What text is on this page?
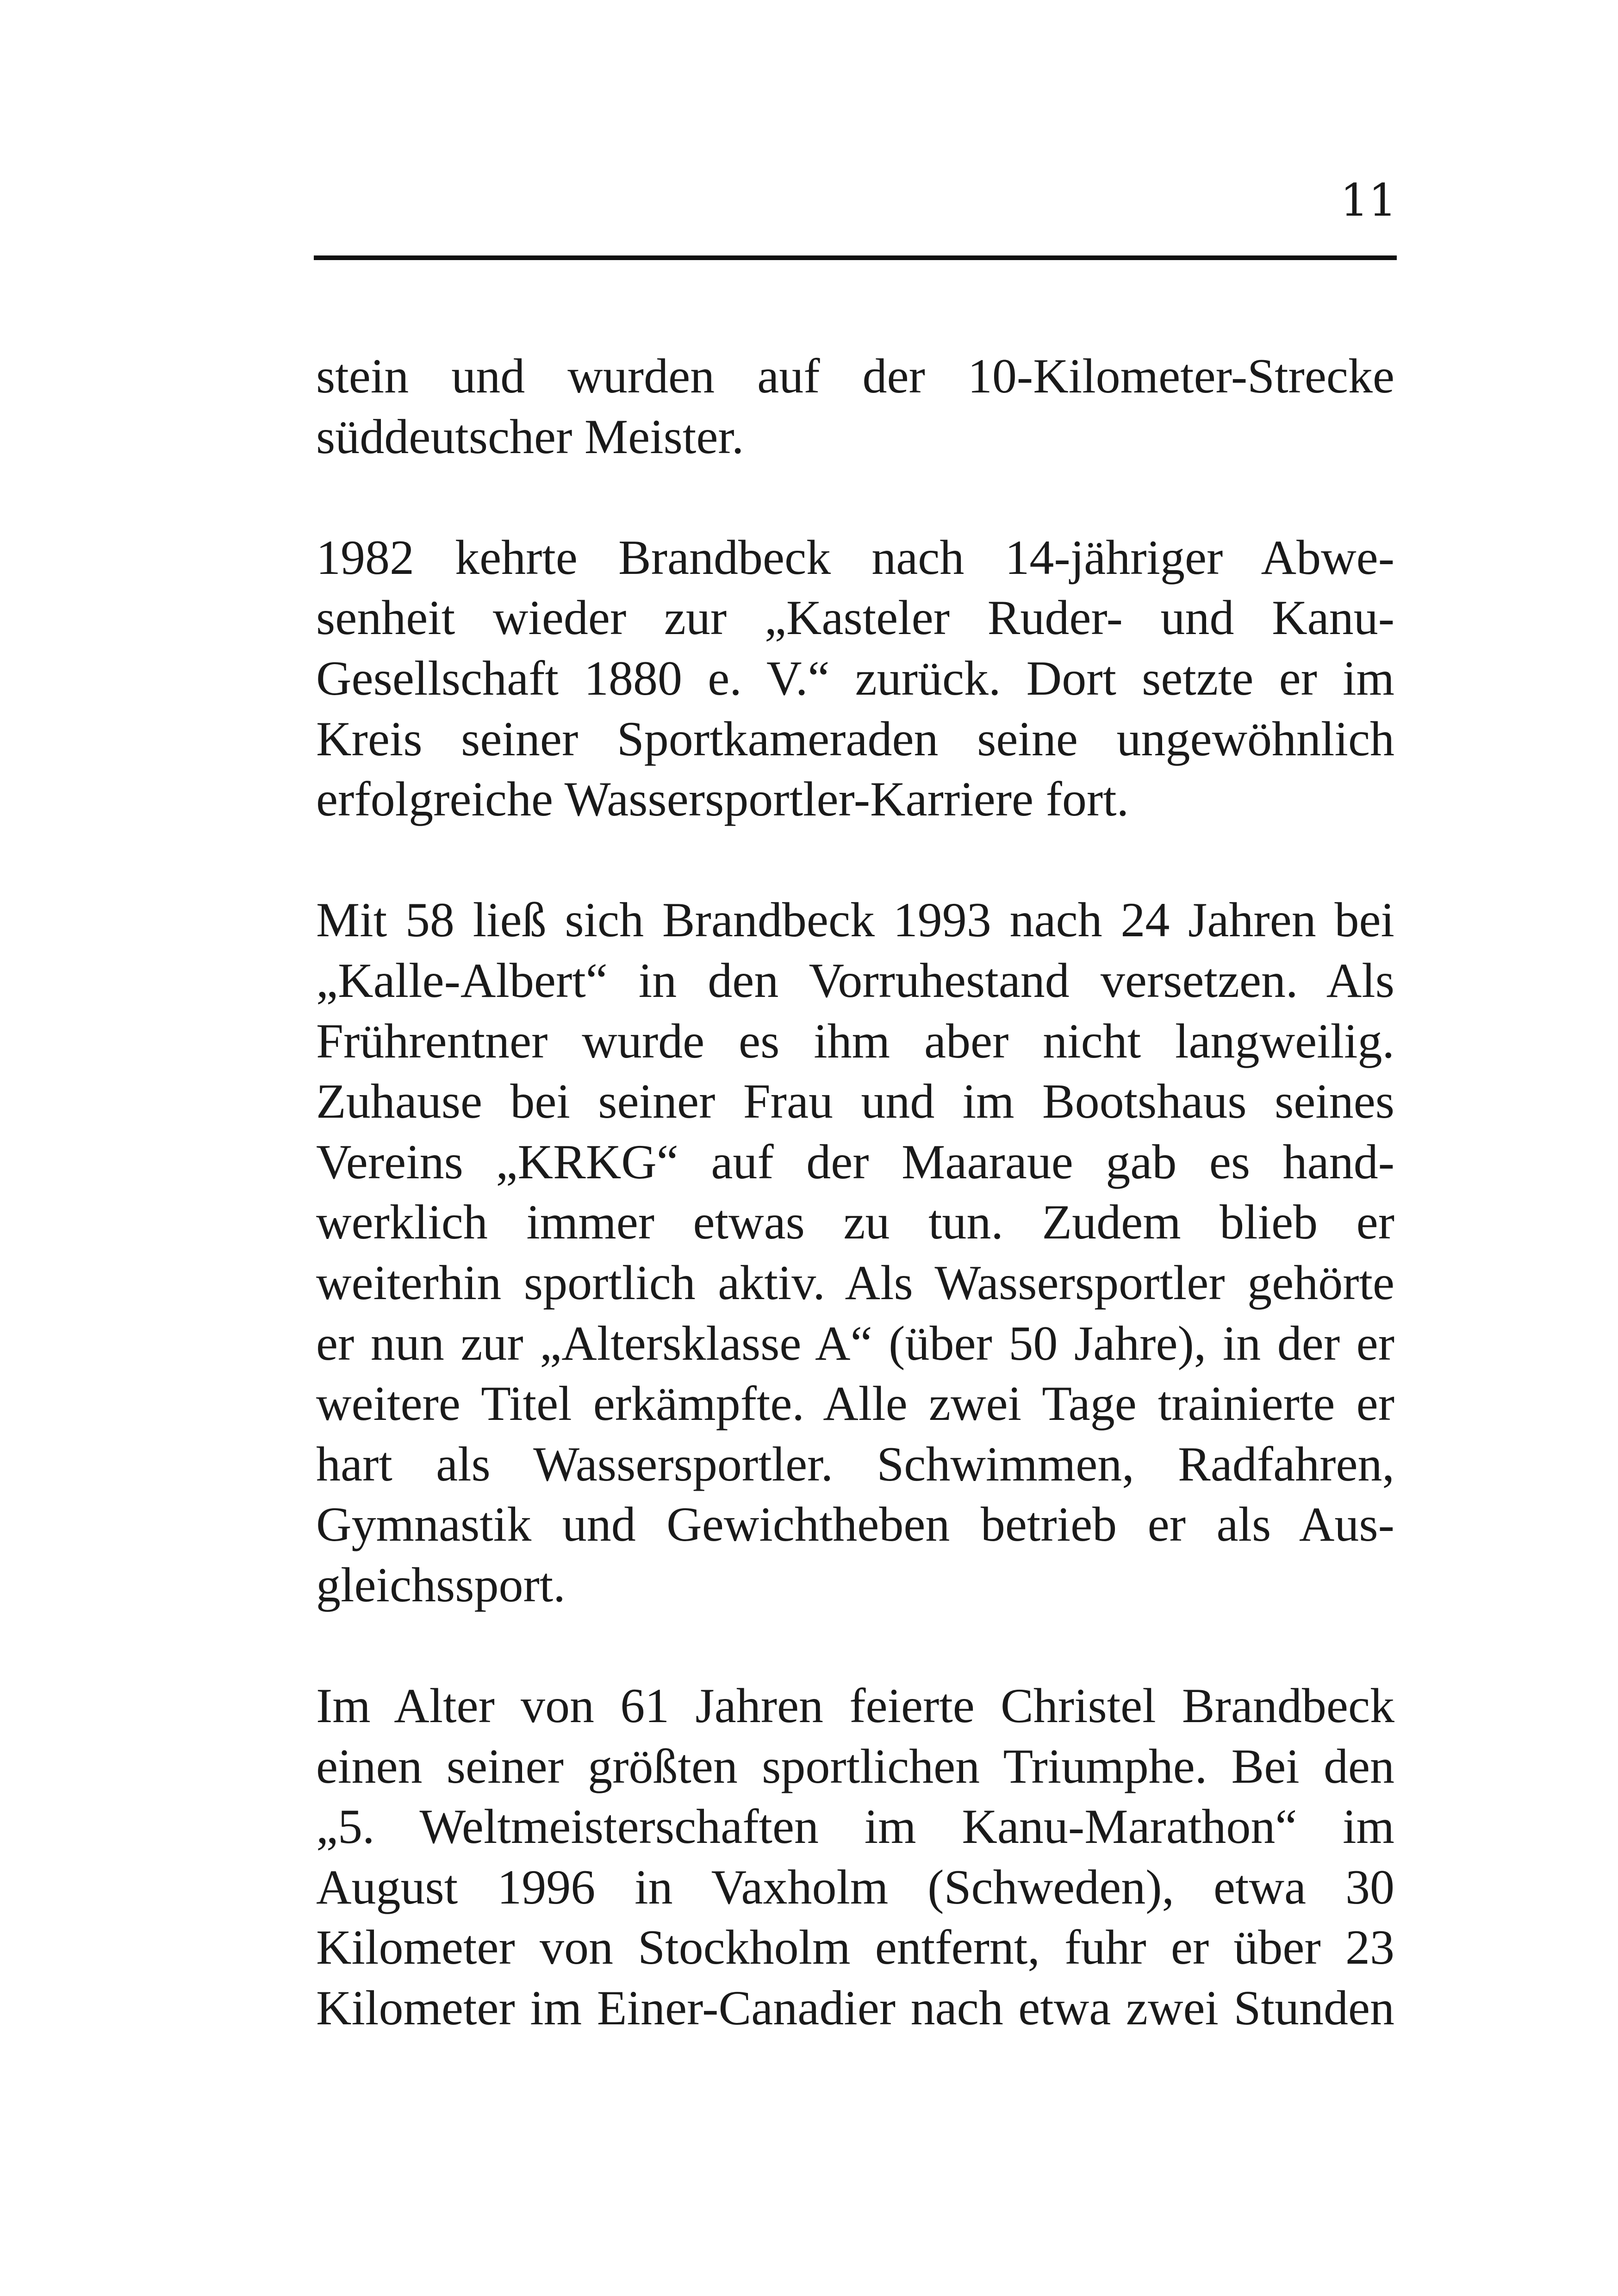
11
stein und wurden auf der 10-Kilometer-Strecke
süddeutscher Meister.
1982 kehrte Brandbeck nach 14-jähriger Abwe-
senheit wieder zur „Kasteler Ruder- und Kanu-
Gesellschaft 1880 e. V.“ zurück. Dort setzte er im
Kreis seiner Sportkameraden seine ungewöhnlich
erfolgreiche Wassersportler-Karriere fort.
Mit 58 ließ sich Brandbeck 1993 nach 24 Jahren bei
„Kalle-Albert“ in den Vorruhestand versetzen. Als
Frührentner wurde es ihm aber nicht langweilig.
Zuhause bei seiner Frau und im Bootshaus seines
Vereins „KRKG“ auf der Maaraue gab es hand-
werklich immer etwas zu tun. Zudem blieb er
weiterhin sportlich aktiv. Als Wassersportler gehörte
er nun zur „Altersklasse A“ (über 50 Jahre), in der er
weitere Titel erkämpfte. Alle zwei Tage trainierte er
hart als Wassersportler. Schwimmen, Radfahren,
Gymnastik und Gewichtheben betrieb er als Aus-
gleichssport.
Im Alter von 61 Jahren feierte Christel Brandbeck
einen seiner größten sportlichen Triumphe. Bei den
„5. Weltmeisterschaften im Kanu-Marathon“ im
August 1996 in Vaxholm (Schweden), etwa 30
Kilometer von Stockholm entfernt, fuhr er über 23
Kilometer im Einer-Canadier nach etwa zwei Stunden
